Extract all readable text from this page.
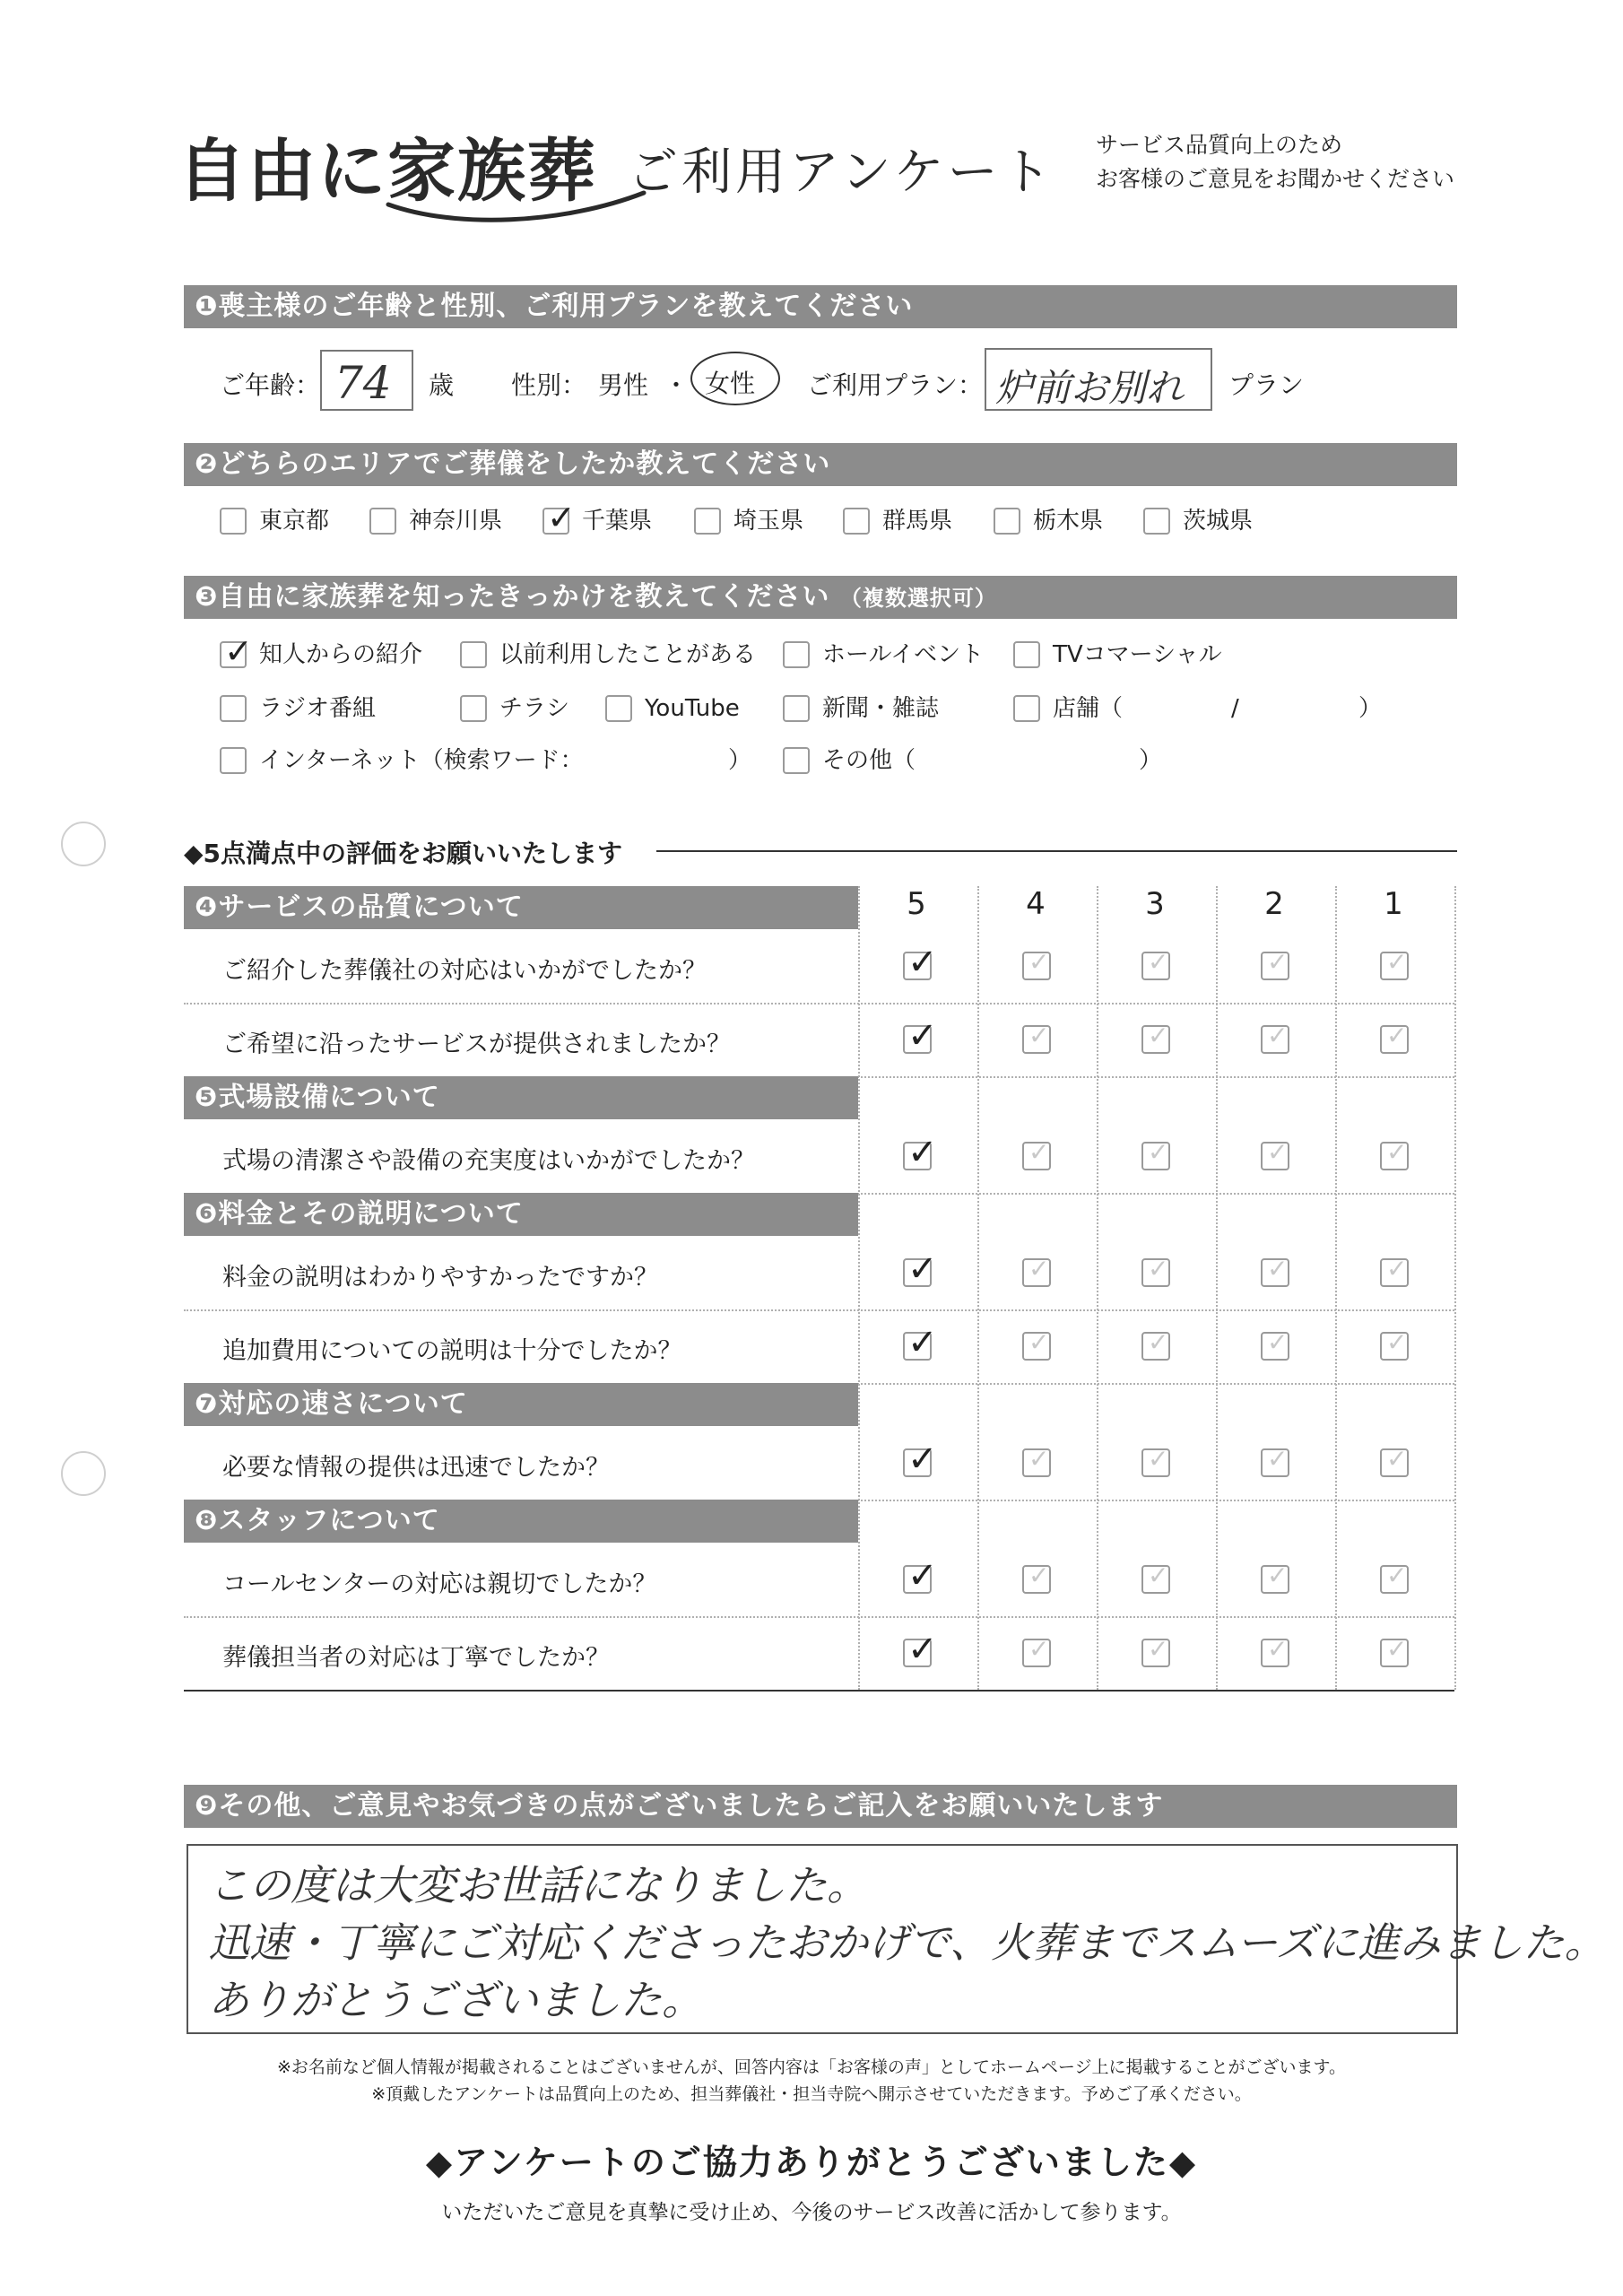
自由に家族葬 ご利用アンケート サービス品質向上のため
お客様のご意見をお聞かせください
❶喪主様のご年齢と性別、ご利用プランを教えてください
ご年齢： 74 歳 性別： 男性 ・ 女性 ご利用プラン： 炉前お別れ プラン
❷どちらのエリアでご葬儀をしたか教えてください
東京都	神奈川県 ✓ 千葉県	埼玉県	群馬県	栃木県	茨城県
❸自由に家族葬を知ったきっかけを教えてください （複数選択可）
✓ 知人からの紹介	以前利用したことがある	ホールイベント	TVコマーシャル
ラジオ番組	チラシ	YouTube	新聞・雑誌	店舗（
インターネット（検索ワード：	その他（
/	）
）	）
◆5点満点中の評価をお願いいたします
5	4	3	2	1
❹サービスの品質について
ご紹介した葬儀社の対応はいかがでしたか？	✓	✓	✓	✓	✓
ご希望に沿ったサービスが提供されましたか？	✓	✓	✓	✓	✓
❺式場設備について
式場の清潔さや設備の充実度はいかがでしたか？	✓	✓	✓	✓	✓
❻料金とその説明について
料金の説明はわかりやすかったですか？	✓	✓	✓	✓	✓
追加費用についての説明は十分でしたか？	✓	✓	✓	✓	✓
❼対応の速さについて
必要な情報の提供は迅速でしたか？	✓	✓	✓	✓	✓
❽スタッフについて
コールセンターの対応は親切でしたか？	✓	✓	✓	✓	✓
葬儀担当者の対応は丁寧でしたか？	✓	✓	✓	✓	✓
❾その他、ご意見やお気づきの点がございましたらご記入をお願いいたします
この度は大変お世話になりました。
迅速・丁寧にご対応くださったおかげで、火葬までスムーズに進みました。
ありがとうございました。
※お名前など個人情報が掲載されることはございませんが、回答内容は「お客様の声」としてホームページ上に掲載することがございます。
※頂戴したアンケートは品質向上のため、担当葬儀社・担当寺院へ開示させていただきます。予めご了承ください。
◆アンケートのご協力ありがとうございました◆
いただいたご意見を真摯に受け止め、今後のサービス改善に活かして参ります。
